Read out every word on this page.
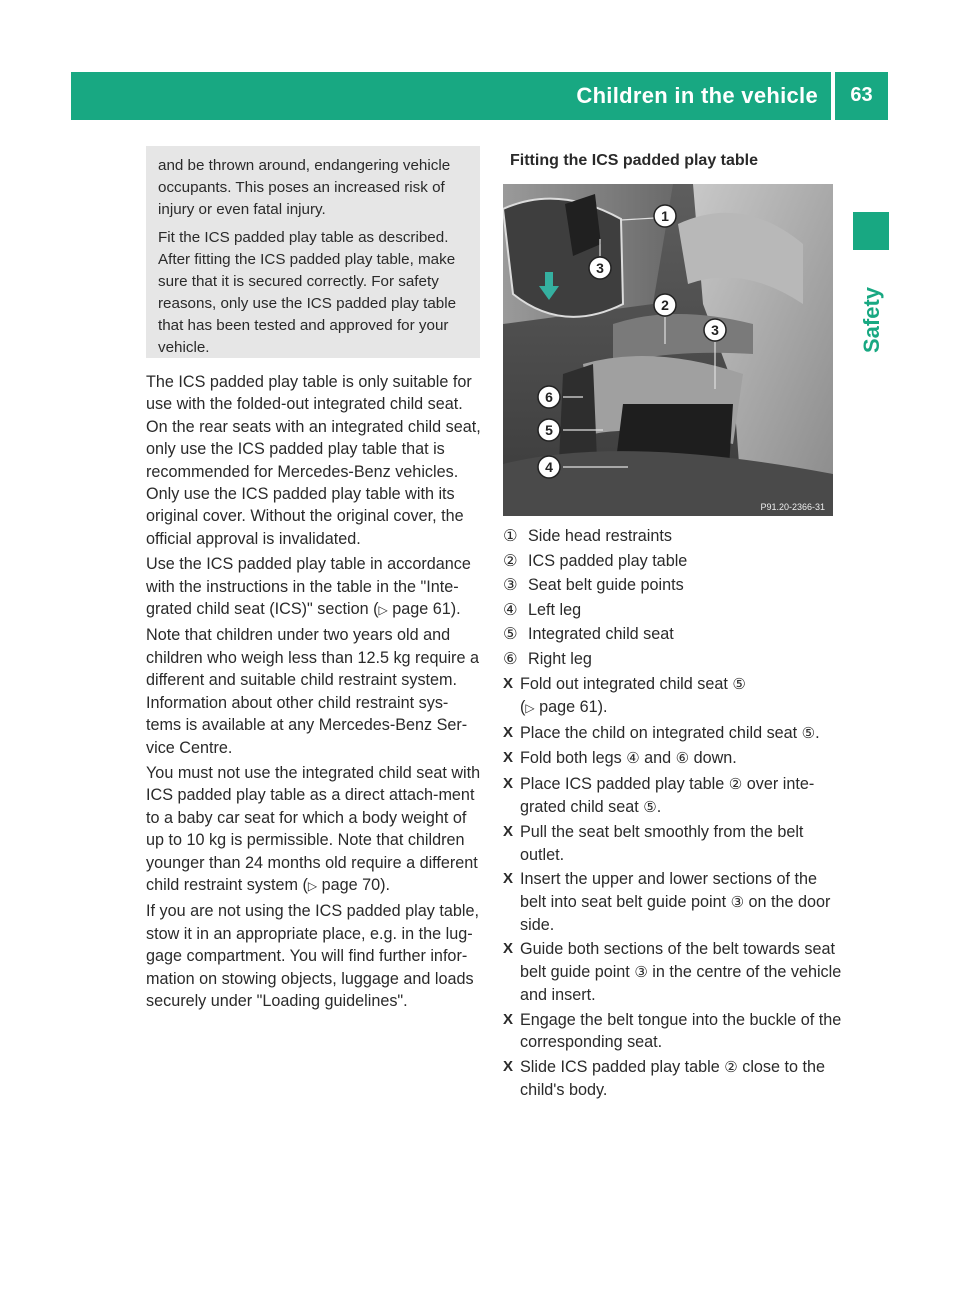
Children in the vehicle	63
Safety

and be thrown around, endangering vehicle occupants. This poses an increased risk of injury or even fatal injury.

Fit the ICS padded play table as described. After fitting the ICS padded play table, make sure that it is secured correctly. For safety reasons, only use the ICS padded play table that has been tested and approved for your vehicle.

The ICS padded play table is only suitable for use with the folded-out integrated child seat. On the rear seats with an integrated child seat, only use the ICS padded play table that is recommended for Mercedes-Benz vehicles. Only use the ICS padded play table with its original cover. Without the original cover, the official approval is invalidated.

Use the ICS padded play table in accordance with the instructions in the table in the "Inte-grated child seat (ICS)" section (▷ page 61).

Note that children under two years old and children who weigh less than 12.5 kg require a different and suitable child restraint system. Information about other child restraint sys-tems is available at any Mercedes-Benz Ser-vice Centre.

You must not use the integrated child seat with ICS padded play table as a direct attach-ment to a baby car seat for which a body weight of up to 10 kg is permissible. Note that children younger than 24 months old require a different child restraint system (▷ page 70).

If you are not using the ICS padded play table, stow it in an appropriate place, e.g. in the lug-gage compartment. You will find further infor-mation on stowing objects, luggage and loads securely under "Loading guidelines".

Fitting the ICS padded play table

1
2
3
3
6
5
4
P91.20-2366-31
① Side head restraints
② ICS padded play table
③ Seat belt guide points
④ Left leg
⑤ Integrated child seat
⑥ Right leg
X Fold out integrated child seat ⑤
(▷ page 61).
X Place the child on integrated child seat ⑤.
X Fold both legs ④ and ⑥ down.
X Place ICS padded play table ② over inte-grated child seat ⑤.
X Pull the seat belt smoothly from the belt outlet.
X Insert the upper and lower sections of the belt into seat belt guide point ③ on the door side.
X Guide both sections of the belt towards seat belt guide point ③ in the centre of the vehicle and insert.
X Engage the belt tongue into the buckle of the corresponding seat.
X Slide ICS padded play table ② close to the child's body.
